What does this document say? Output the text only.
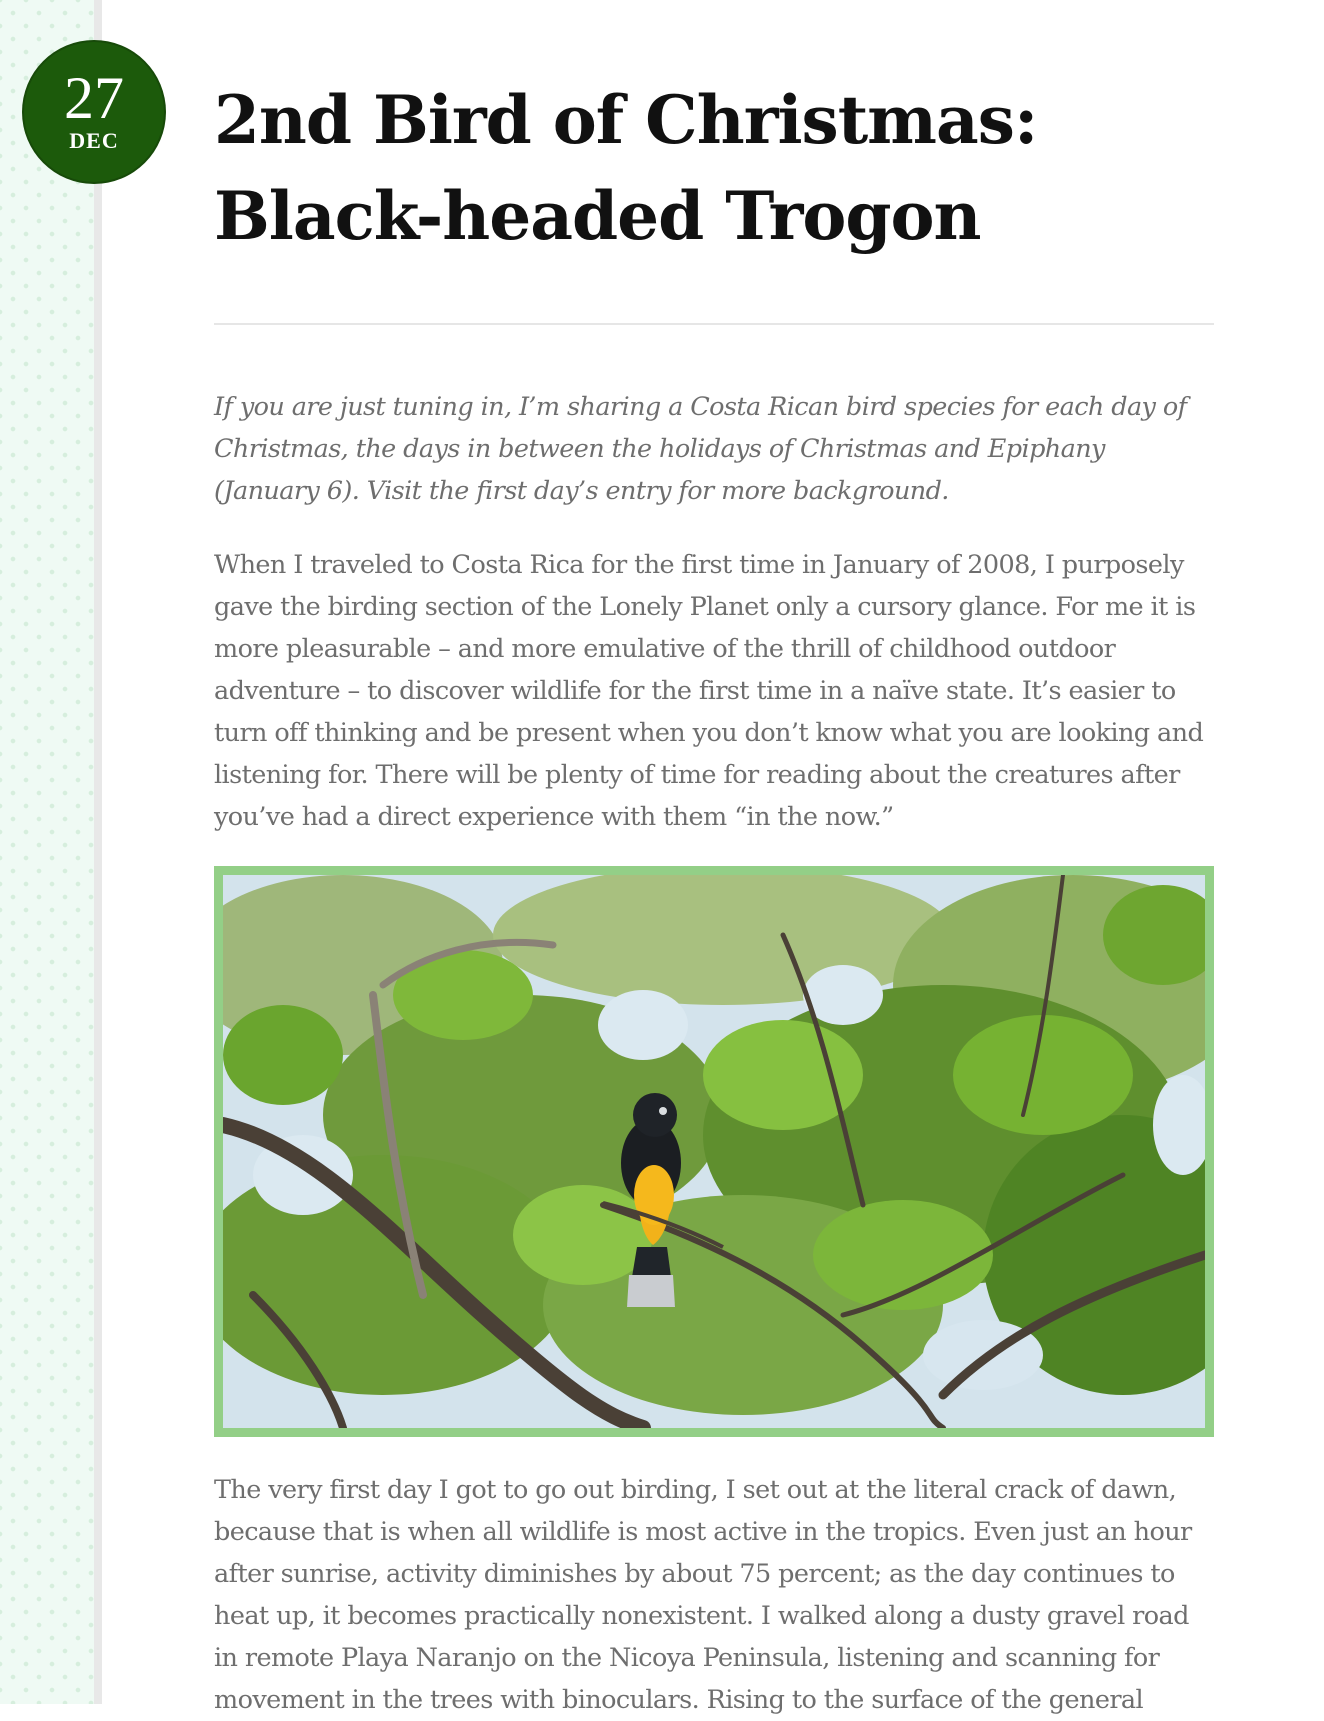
27
DEC	2nd Bird of Christmas: Black-headed Trogon

If you are just tuning in, I’m sharing a Costa Rican bird species for each day of Christmas, the days in between the holidays of Christmas and Epiphany (January 6). Visit the first day’s entry for more background.

When I traveled to Costa Rica for the first time in January of 2008, I purposely gave the birding section of the Lonely Planet only a cursory glance. For me it is more pleasurable – and more emulative of the thrill of childhood outdoor adventure – to discover wildlife for the first time in a naïve state. It’s easier to turn off thinking and be present when you don’t know what you are looking and listening for. There will be plenty of time for reading about the creatures after you’ve had a direct experience with them “in the now.”

The very first day I got to go out birding, I set out at the literal crack of dawn, because that is when all wildlife is most active in the tropics. Even just an hour after sunrise, activity diminishes by about 75 percent; as the day continues to heat up, it becomes practically nonexistent. I walked along a dusty gravel road in remote Playa Naranjo on the Nicoya Peninsula, listening and scanning for movement in the trees with binoculars. Rising to the surface of the general
